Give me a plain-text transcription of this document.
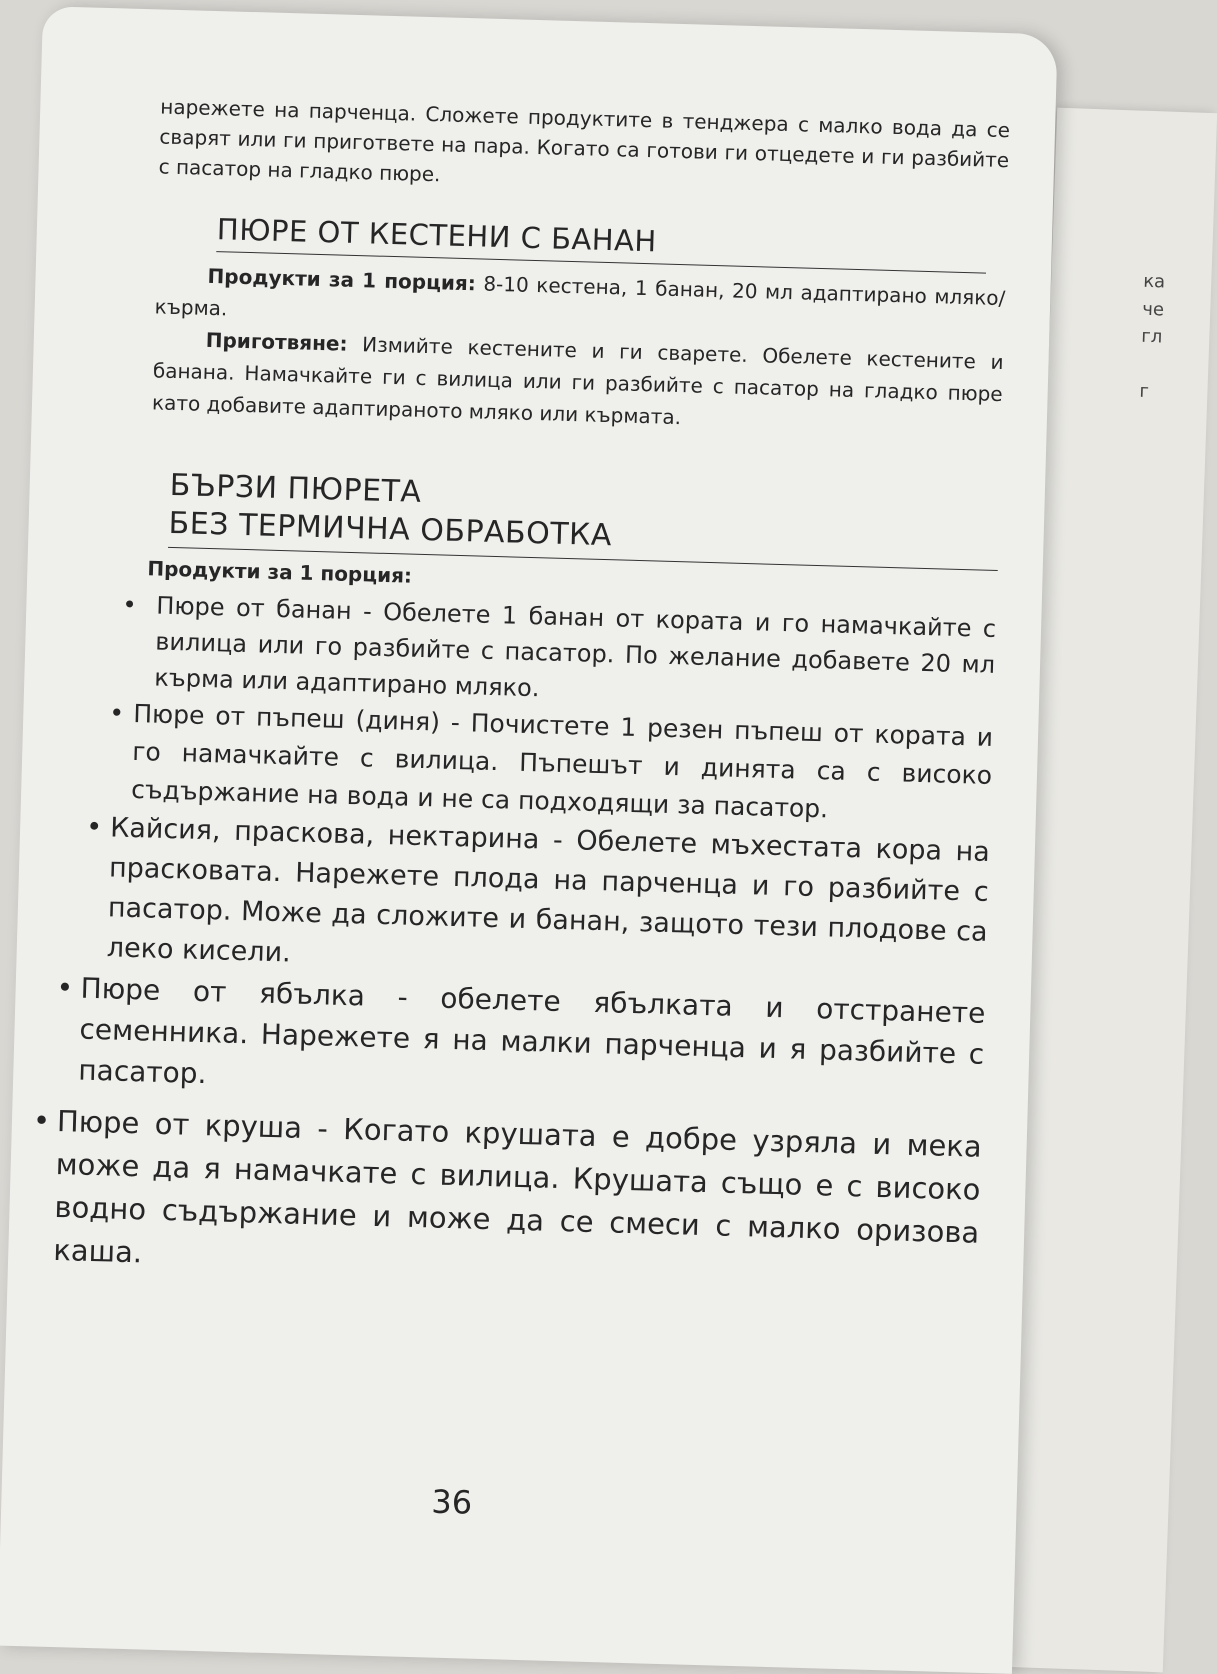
ка
че
гл
г

нарежете на парченца. Сложете продуктите в тенджера с малко вода да се сварят или ги пригответе на пара. Когато са готови ги отцедете и ги разбийте с пасатор на гладко пюре.

ПЮРЕ ОТ КЕСТЕНИ С БАНАН

Продукти за 1 порция: 8-10 кестена, 1 банан, 20 мл адаптирано мляко/кърма.

Приготвяне: Измийте кестените и ги сварете. Обелете кестените и банана. Намачкайте ги с вилица или ги разбийте с пасатор на гладко пюре като добавите адаптираното мляко или кърмата.

БЪРЗИ ПЮРЕТА
БЕЗ ТЕРМИЧНА ОБРАБОТКА
Продукти за 1 порция:
• Пюре от банан - Обелете 1 банан от кората и го намачкайте с вилица или го разбийте с пасатор. По желание добавете 20 мл кърма или адаптирано мляко.
• Пюре от пъпеш (диня) - Почистете 1 резен пъпеш от кората и го намачкайте с вилица. Пъпешът и динята са с високо съдържание на вода и не са подходящи за пасатор.
• Кайсия, праскова, нектарина - Обелете мъхестата кора на прасковата. Нарежете плода на парченца и го разбийте с пасатор. Може да сложите и банан, защото тези плодове са леко кисели.
• Пюре от ябълка - обелете ябълката и отстранете семенника. Нарежете я на малки парченца и я разбийте с пасатор.
• Пюре от круша - Когато крушата е добре узряла и мека може да я намачкате с вилица. Крушата също е с високо водно съдържание и може да се смеси с малко оризова каша.
36
